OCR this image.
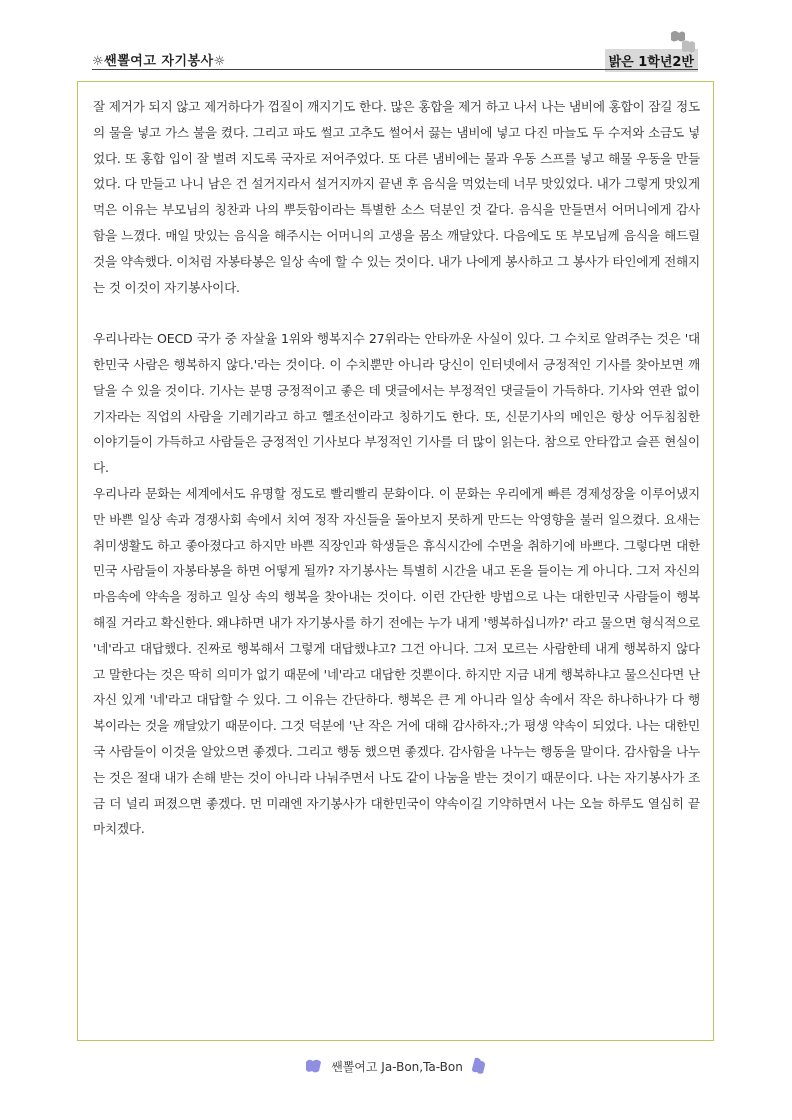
☼쌘뽈여고 자기봉사☼	밝은 1학년2반

잘 제거가 되지 않고 제거하다가 껍질이 깨지기도 한다. 많은 홍합을 제거 하고 나서 나는 냄비에 홍합이 잠길 정도의 물을 넣고 가스 불을 켰다. 그리고 파도 썰고 고추도 썰어서 끓는 냄비에 넣고 다진 마늘도 두 수저와 소금도 넣었다. 또 홍합 입이 잘 벌려 지도록 국자로 저어주었다. 또 다른 냄비에는 물과 우동 스프를 넣고 해물 우동을 만들었다. 다 만들고 나니 남은 건 설거지라서 설거지까지 끝낸 후 음식을 먹었는데 너무 맛있었다. 내가 그렇게 맛있게 먹은 이유는 부모님의 칭찬과 나의 뿌듯함이라는 특별한 소스 덕분인 것 같다. 음식을 만들면서 어머니에게 감사함을 느꼈다. 매일 맛있는 음식을 해주시는 어머니의 고생을 몸소 깨달았다. 다음에도 또 부모님께 음식을 해드릴 것을 약속했다. 이처럼 자봉타봉은 일상 속에 할 수 있는 것이다. 내가 나에게 봉사하고 그 봉사가 타인에게 전해지는 것 이것이 자기봉사이다.

우리나라는 OECD 국가 중 자살율 1위와 행복지수 27위라는 안타까운 사실이 있다. 그 수치로 알려주는 것은 '대한민국 사람은 행복하지 않다.'라는 것이다. 이 수치뿐만 아니라 당신이 인터넷에서 긍정적인 기사를 찾아보면 깨달을 수 있을 것이다. 기사는 분명 긍정적이고 좋은 데 댓글에서는 부정적인 댓글들이 가득하다. 기사와 연관 없이 기자라는 직업의 사람을 기레기라고 하고 헬조선이라고 칭하기도 한다. 또, 신문기사의 메인은 항상 어두침침한 이야기들이 가득하고 사람들은 긍정적인 기사보다 부정적인 기사를 더 많이 읽는다. 참으로 안타깝고 슬픈 현실이다.

우리나라 문화는 세계에서도 유명할 정도로 빨리빨리 문화이다. 이 문화는 우리에게 빠른 경제성장을 이루어냈지만 바쁜 일상 속과 경쟁사회 속에서 치여 정작 자신들을 돌아보지 못하게 만드는 악영향을 불러 일으켰다. 요새는 취미생활도 하고 좋아졌다고 하지만 바쁜 직장인과 학생들은 휴식시간에 수면을 취하기에 바쁘다. 그렇다면 대한민국 사람들이 자봉타봉을 하면 어떻게 될까? 자기봉사는 특별히 시간을 내고 돈을 들이는 게 아니다. 그저 자신의 마음속에 약속을 정하고 일상 속의 행복을 찾아내는 것이다. 이런 간단한 방법으로 나는 대한민국 사람들이 행복해질 거라고 확신한다. 왜냐하면 내가 자기봉사를 하기 전에는 누가 내게 '행복하십니까?' 라고 물으면 형식적으로 '네'라고 대답했다. 진짜로 행복해서 그렇게 대답했냐고? 그건 아니다. 그저 모르는 사람한테 내게 행복하지 않다고 말한다는 것은 딱히 의미가 없기 때문에 '네'라고 대답한 것뿐이다. 하지만 지금 내게 행복하냐고 물으신다면 난 자신 있게 '네'라고 대답할 수 있다. 그 이유는 간단하다. 행복은 큰 게 아니라 일상 속에서 작은 하나하나가 다 행복이라는 것을 깨달았기 때문이다. 그것 덕분에 '난 작은 거에 대해 감사하자.;가 평생 약속이 되었다. 나는 대한민국 사람들이 이것을 알았으면 좋겠다. 그리고 행동 했으면 좋겠다. 감사함을 나누는 행동을 말이다. 감사함을 나누는 것은 절대 내가 손해 받는 것이 아니라 나눠주면서 나도 같이 나눔을 받는 것이기 때문이다. 나는 자기봉사가 조금 더 널리 퍼졌으면 좋겠다. 먼 미래엔 자기봉사가 대한민국이 약속이길 기약하면서 나는 오늘 하루도 열심히 끝마치겠다.

쌘뽈여고 Ja-Bon,Ta-Bon
